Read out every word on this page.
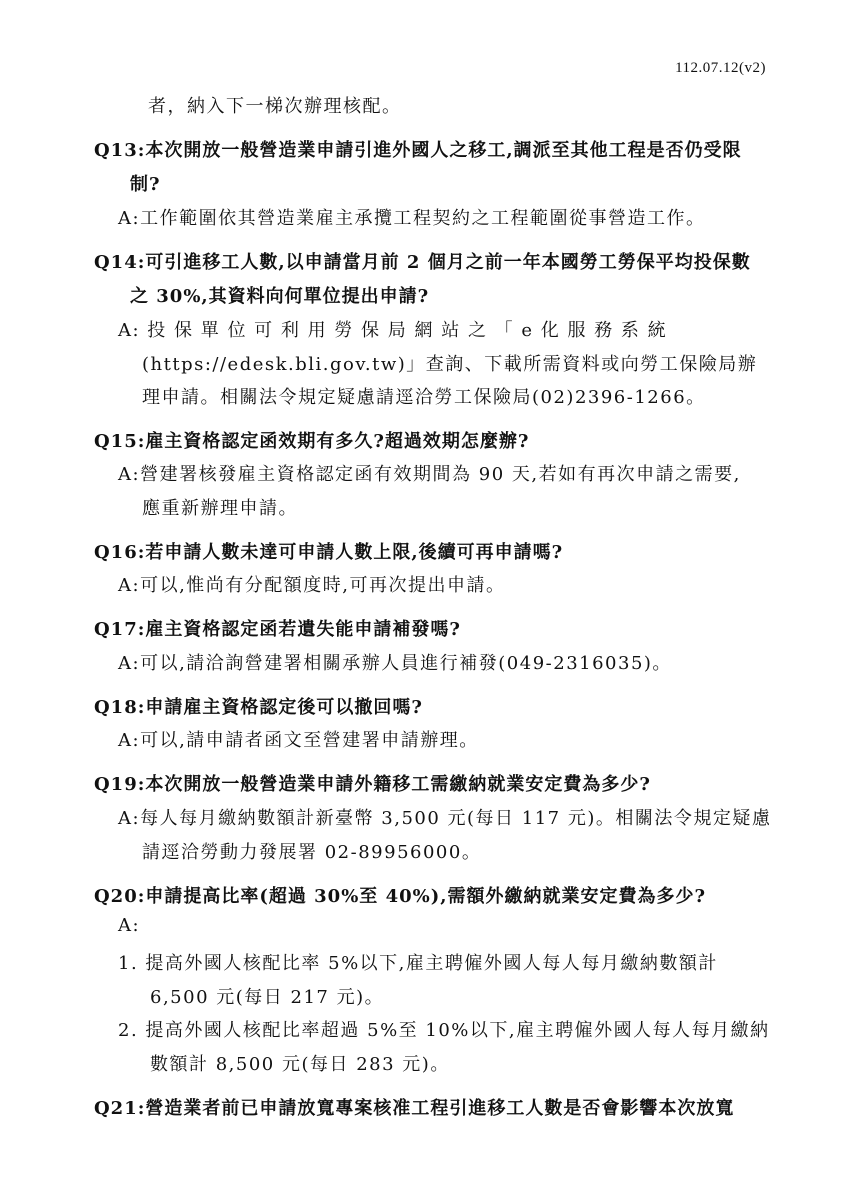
112.07.12(v2)
者，納入下一梯次辦理核配。
Q13:本次開放一般營造業申請引進外國人之移工,調派至其他工程是否仍受限
制?
A:工作範圍依其營造業雇主承攬工程契約之工程範圍從事營造工作。
Q14:可引進移工人數,以申請當月前 2 個月之前一年本國勞工勞保平均投保數
之 30%,其資料向何單位提出申請?
A: 投 保 單 位 可 利 用 勞 保 局 網 站 之 「 e 化 服 務 系 統
(https://edesk.bli.gov.tw)」查詢、下載所需資料或向勞工保險局辦
理申請。相關法令規定疑慮請逕洽勞工保險局(02)2396-1266。
Q15:雇主資格認定函效期有多久?超過效期怎麼辦?
A:營建署核發雇主資格認定函有效期間為 90 天,若如有再次申請之需要,
應重新辦理申請。
Q16:若申請人數未達可申請人數上限,後續可再申請嗎?
A:可以,惟尚有分配額度時,可再次提出申請。
Q17:雇主資格認定函若遺失能申請補發嗎?
A:可以,請洽詢營建署相關承辦人員進行補發(049-2316035)。
Q18:申請雇主資格認定後可以撤回嗎?
A:可以,請申請者函文至營建署申請辦理。
Q19:本次開放一般營造業申請外籍移工需繳納就業安定費為多少?
A:每人每月繳納數額計新臺幣 3,500 元(每日 117 元)。相關法令規定疑慮
請逕洽勞動力發展署 02-89956000。
Q20:申請提高比率(超過 30%至 40%),需額外繳納就業安定費為多少?
A:
1. 提高外國人核配比率 5%以下,雇主聘僱外國人每人每月繳納數額計
6,500 元(每日 217 元)。
2. 提高外國人核配比率超過 5%至 10%以下,雇主聘僱外國人每人每月繳納
數額計 8,500 元(每日 283 元)。
Q21:營造業者前已申請放寬專案核准工程引進移工人數是否會影響本次放寬
